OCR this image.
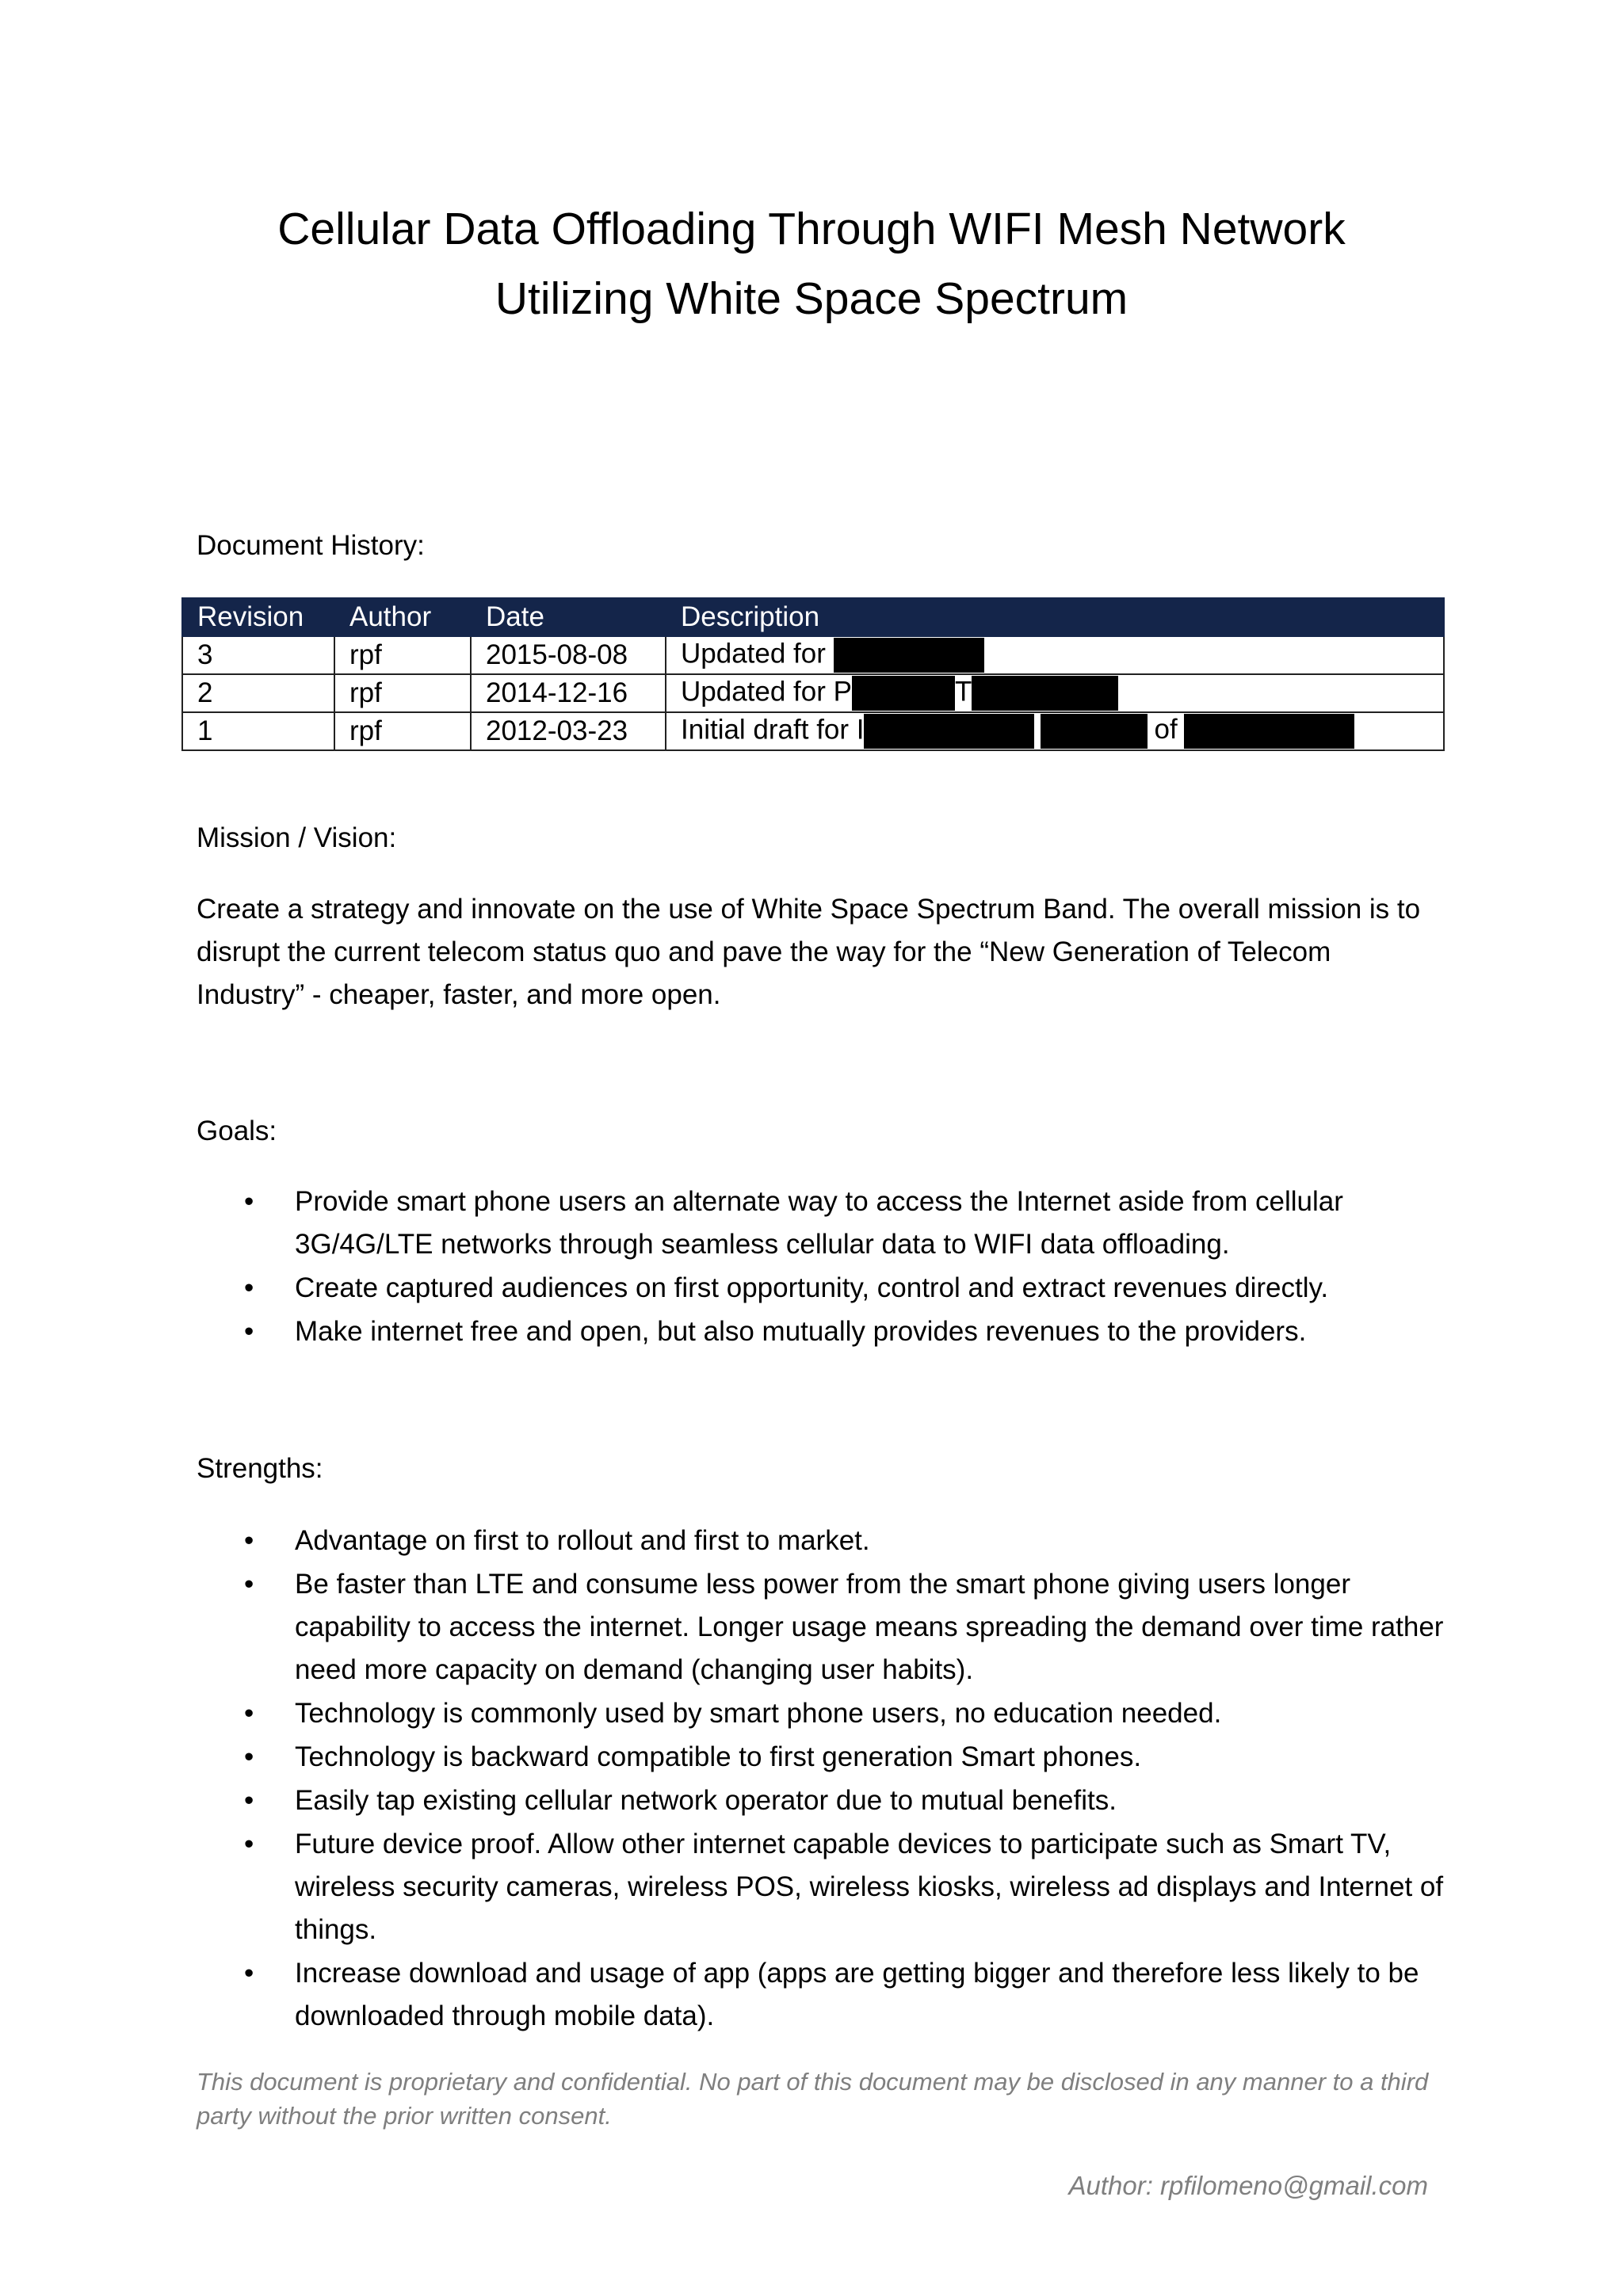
Cellular Data Offloading Through WIFI Mesh Network
Utilizing White Space Spectrum

Document History:

Revision	Author	Date	Description
3	rpf	2015-08-08	Updated for
2	rpf	2014-12-16	Updated for P T
1	rpf	2012-03-23	Initial draft for I of

Mission / Vision:

Create a strategy and innovate on the use of White Space Spectrum Band. The overall mission is to disrupt the current telecom status quo and pave the way for the “New Generation of Telecom Industry” - cheaper, faster, and more open.

Goals:

• Provide smart phone users an alternate way to access the Internet aside from cellular 3G/4G/LTE networks through seamless cellular data to WIFI data offloading.
• Create captured audiences on first opportunity, control and extract revenues directly.
• Make internet free and open, but also mutually provides revenues to the providers.

Strengths:

• Advantage on first to rollout and first to market.
• Be faster than LTE and consume less power from the smart phone giving users longer capability to access the internet. Longer usage means spreading the demand over time rather need more capacity on demand (changing user habits).
• Technology is commonly used by smart phone users, no education needed.
• Technology is backward compatible to first generation Smart phones.
• Easily tap existing cellular network operator due to mutual benefits.
• Future device proof. Allow other internet capable devices to participate such as Smart TV, wireless security cameras, wireless POS, wireless kiosks, wireless ad displays and Internet of things.
• Increase download and usage of app (apps are getting bigger and therefore less likely to be downloaded through mobile data).

This document is proprietary and confidential. No part of this document may be disclosed in any manner to a third party without the prior written consent.

Author: rpfilomeno@gmail.com
